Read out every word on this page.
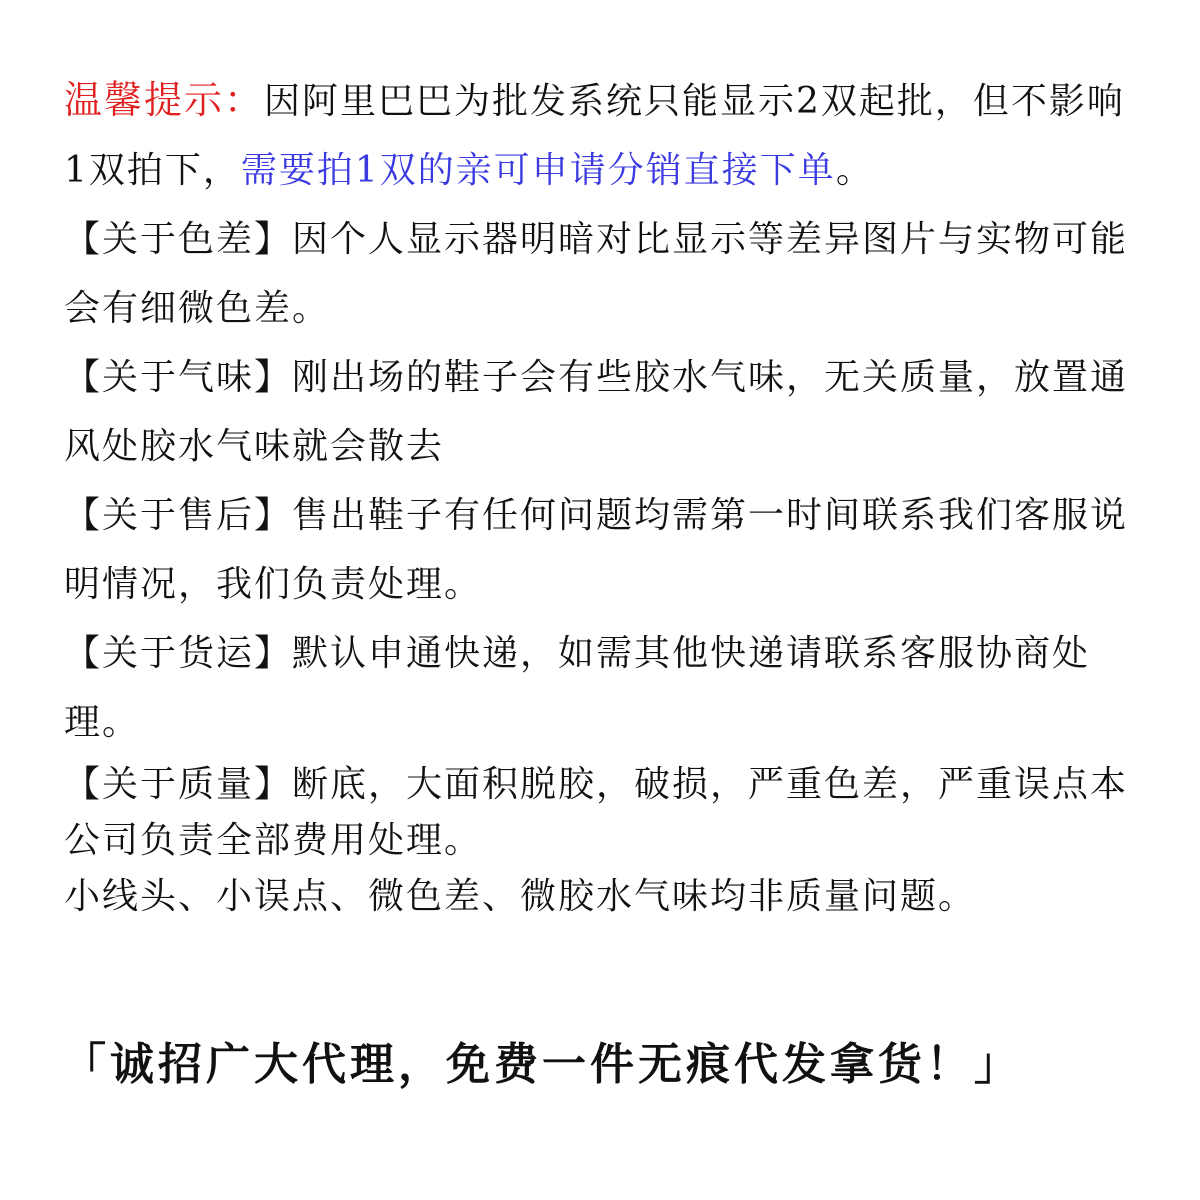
温馨提示：因阿里巴巴为批发系统只能显示2双起批，但不影响1双拍下，需要拍1双的亲可申请分销直接下单。

【关于色差】因个人显示器明暗对比显示等差异图片与实物可能会有细微色差。

【关于气味】刚出场的鞋子会有些胶水气味，无关质量，放置通风处胶水气味就会散去

【关于售后】售出鞋子有任何问题均需第一时间联系我们客服说明情况，我们负责处理。

【关于货运】默认申通快递，如需其他快递请联系客服协商处理。

【关于质量】断底，大面积脱胶，破损，严重色差，严重误点本公司负责全部费用处理。

小线头、小误点、微色差、微胶水气味均非质量问题。

「诚招广大代理，免费一件无痕代发拿货！」
